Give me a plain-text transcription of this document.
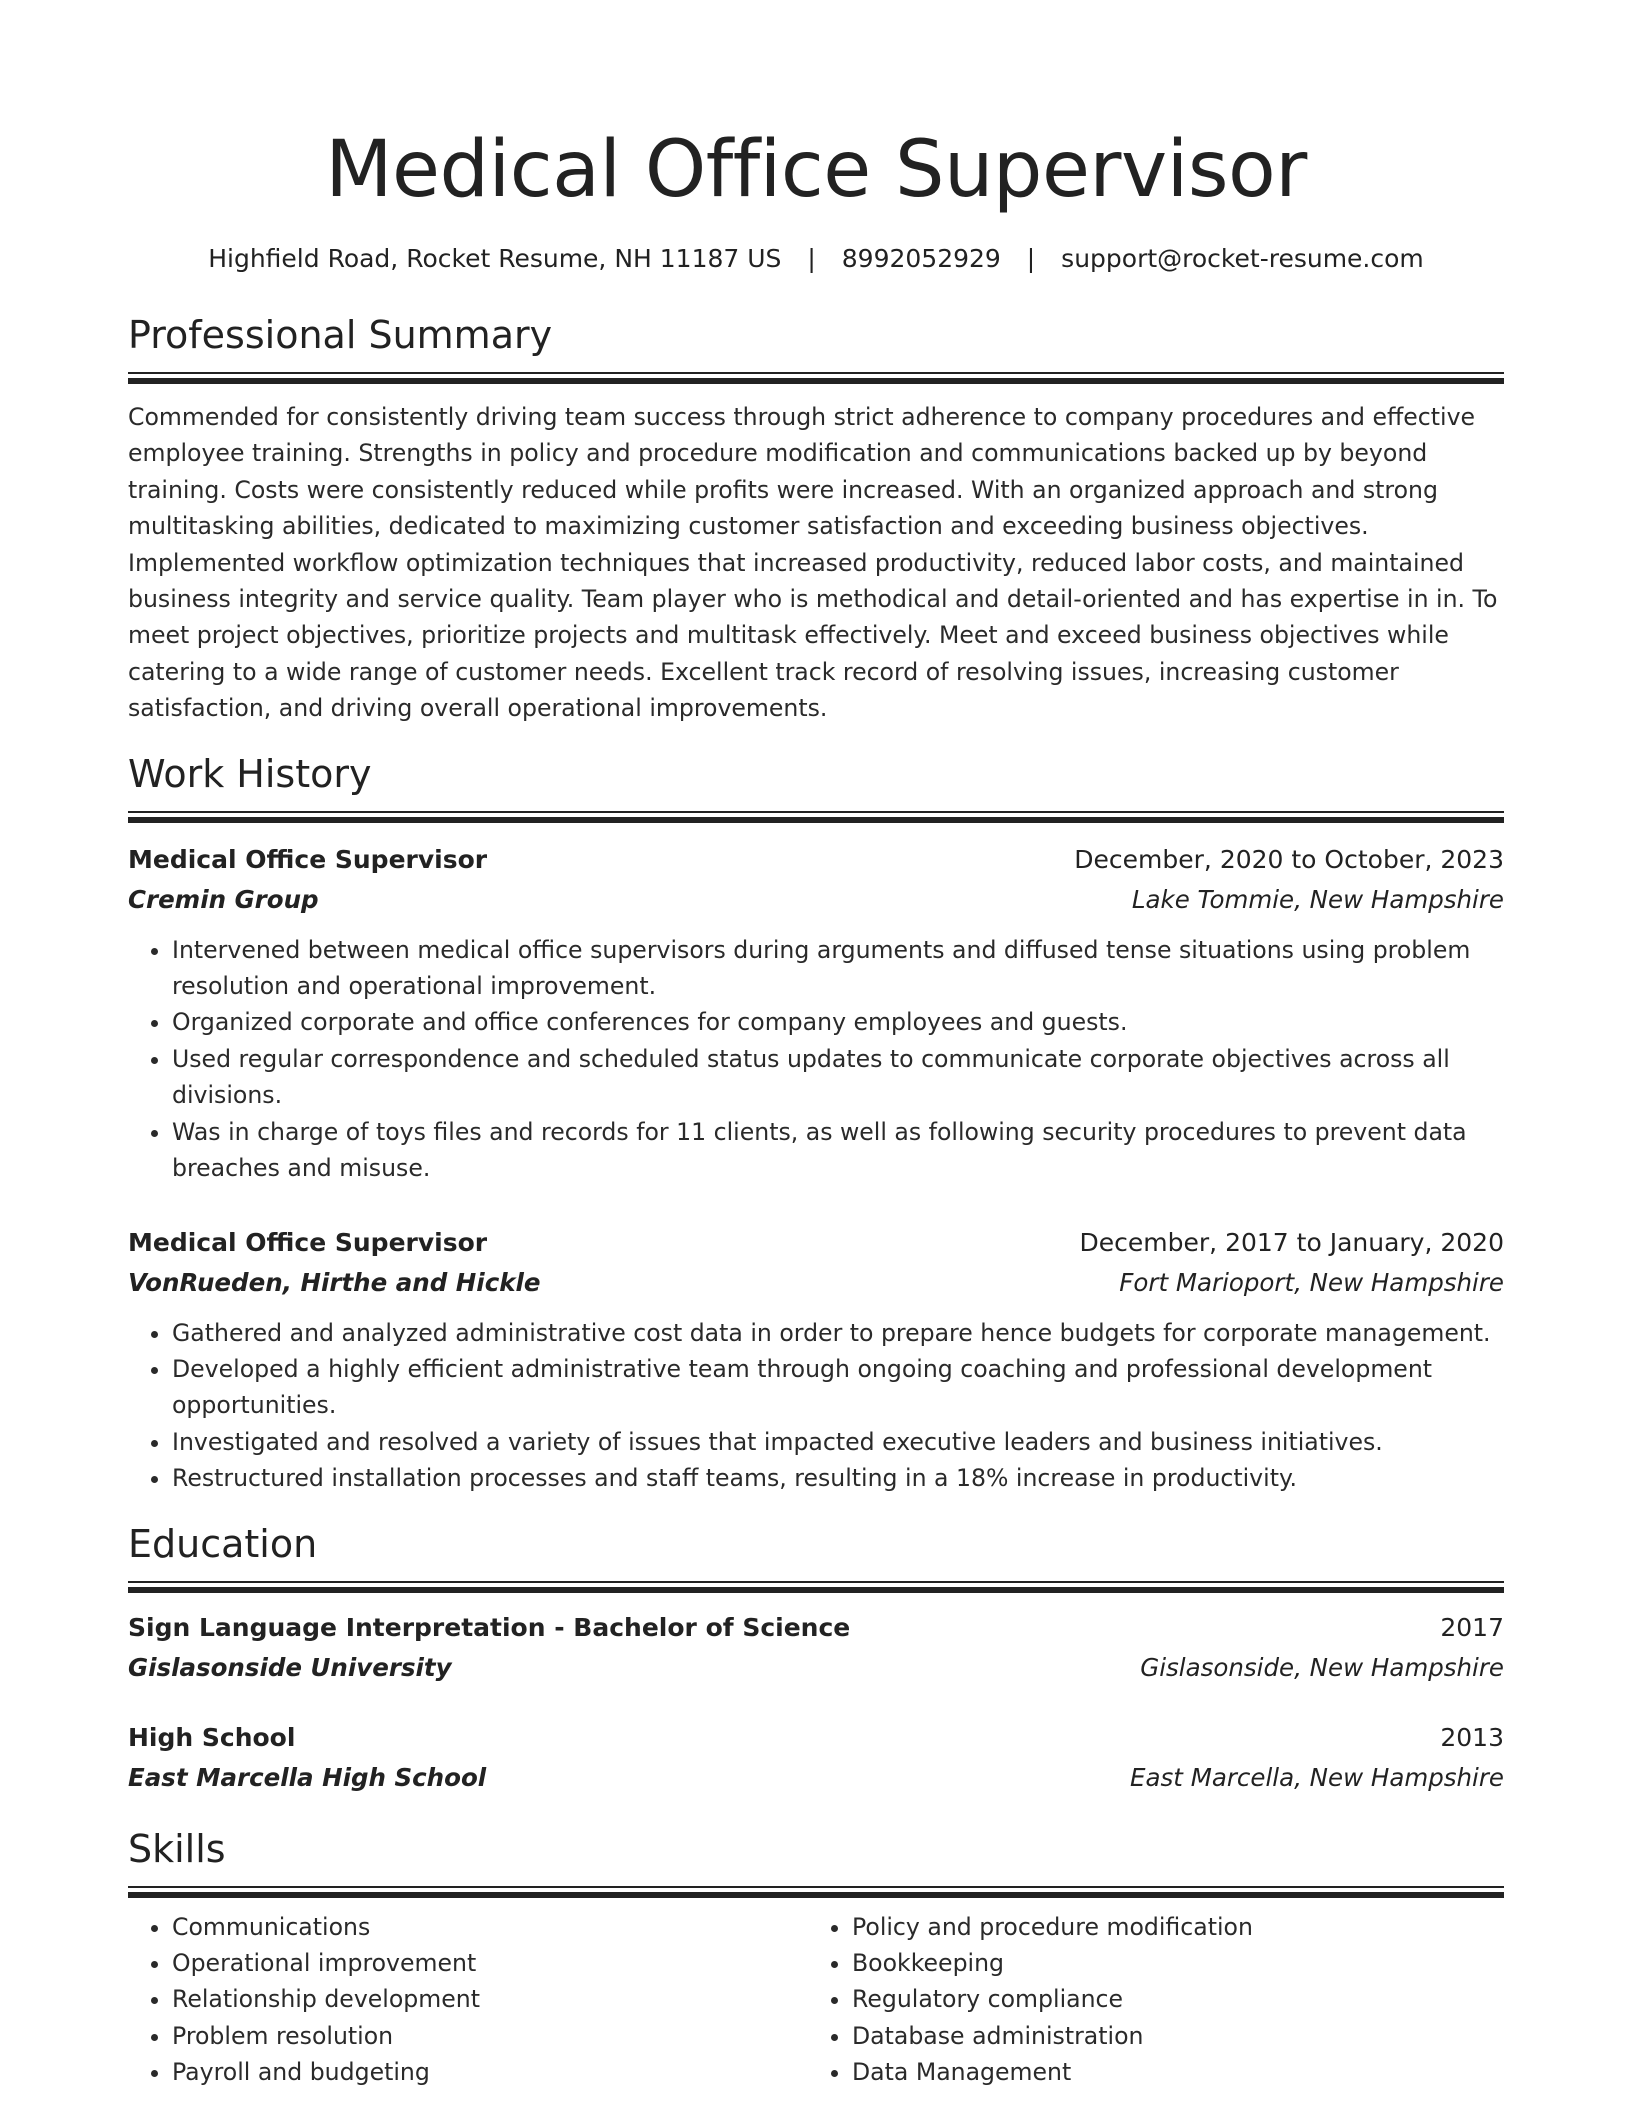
Medical Office Supervisor
Highfield Road, Rocket Resume, NH 11187 US | 8992052929 | support@rocket-resume.com
Professional Summary
Commended for consistently driving team success through strict adherence to company procedures and effective employee training. Strengths in policy and procedure modification and communications backed up by beyond training. Costs were consistently reduced while profits were increased. With an organized approach and strong multitasking abilities, dedicated to maximizing customer satisfaction and exceeding business objectives. Implemented workflow optimization techniques that increased productivity, reduced labor costs, and maintained business integrity and service quality. Team player who is methodical and detail-oriented and has expertise in in. To meet project objectives, prioritize projects and multitask effectively. Meet and exceed business objectives while catering to a wide range of customer needs. Excellent track record of resolving issues, increasing customer satisfaction, and driving overall operational improvements.
Work History
Medical Office Supervisor	December, 2020 to October, 2023
Cremin Group	Lake Tommie, New Hampshire
• Intervened between medical office supervisors during arguments and diffused tense situations using problem resolution and operational improvement.
• Organized corporate and office conferences for company employees and guests.
• Used regular correspondence and scheduled status updates to communicate corporate objectives across all divisions.
• Was in charge of toys files and records for 11 clients, as well as following security procedures to prevent data breaches and misuse.
Medical Office Supervisor	December, 2017 to January, 2020
VonRueden, Hirthe and Hickle	Fort Marioport, New Hampshire
• Gathered and analyzed administrative cost data in order to prepare hence budgets for corporate management.
• Developed a highly efficient administrative team through ongoing coaching and professional development opportunities.
• Investigated and resolved a variety of issues that impacted executive leaders and business initiatives.
• Restructured installation processes and staff teams, resulting in a 18% increase in productivity.
Education
Sign Language Interpretation - Bachelor of Science	2017
Gislasonside University	Gislasonside, New Hampshire
High School	2013
East Marcella High School	East Marcella, New Hampshire
Skills
• Communications
• Operational improvement
• Relationship development
• Problem resolution
• Payroll and budgeting
• Policy and procedure modification
• Bookkeeping
• Regulatory compliance
• Database administration
• Data Management
